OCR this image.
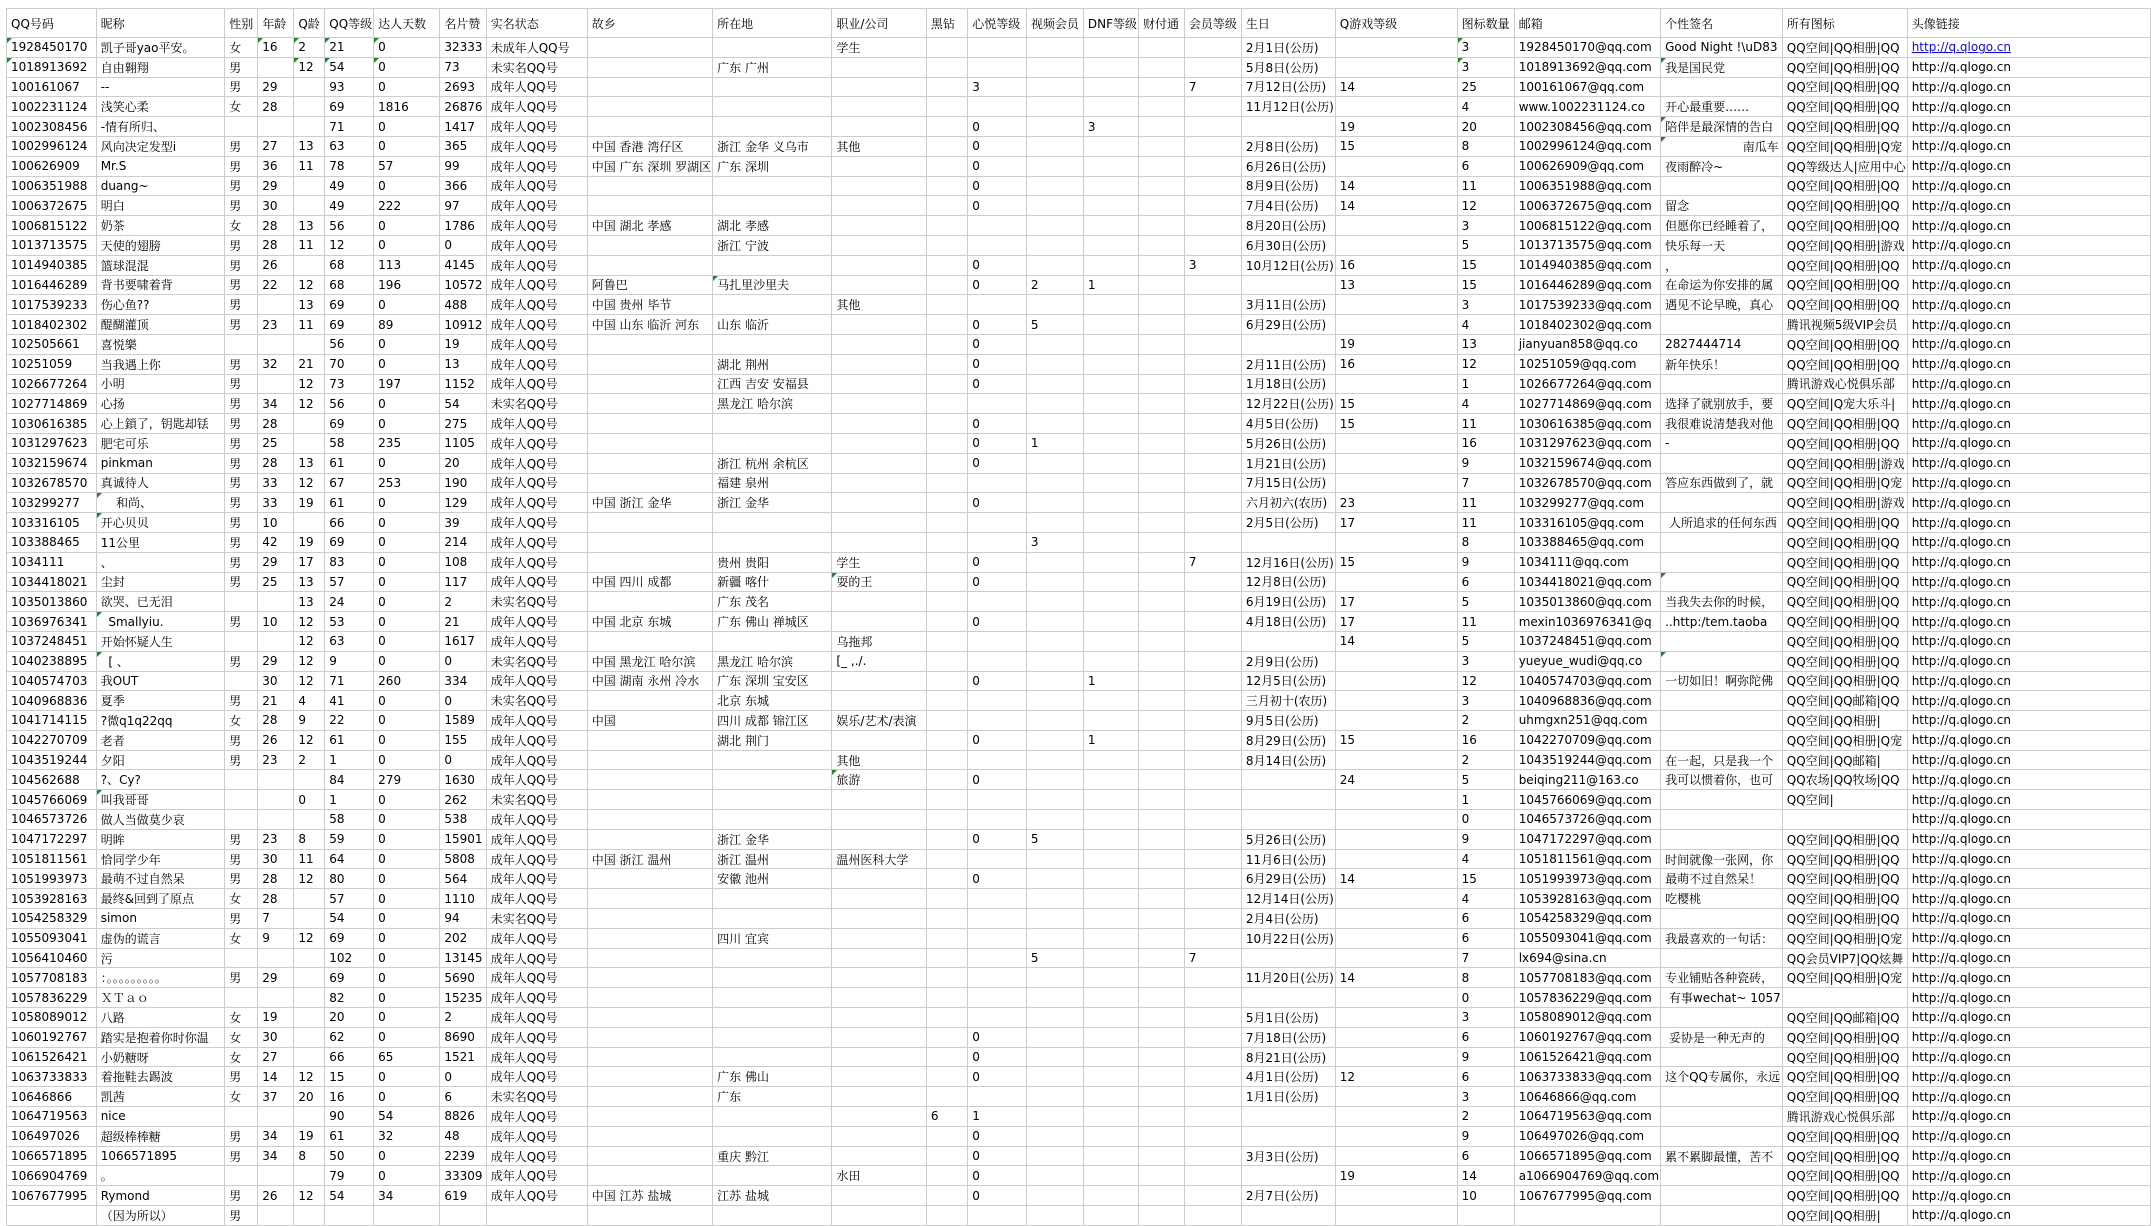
QQ号码	昵称	性别	年龄	Q龄	QQ等级	达人天数	名片赞	实名状态	故乡	所在地	职业/公司	黑钻	心悦等级	视频会员	DNF等级	财付通	会员等级	生日	Q游戏等级	图标数量	邮箱	个性签名	所有图标	头像链接
1928450170	凯子哥yao平安。	女	16	2	21	0	32333	未成年人QQ号			学生							2月1日(公历)		3	1928450170@qq.com	Good Night !\uD83	QQ空间|QQ相册|QQ	http://q.qlogo.cn
1018913692	自由翱翔	男		12	54	0	73	未实名QQ号		广东 广州								5月8日(公历)		3	1018913692@qq.com	我是国民党	QQ空间|QQ相册|QQ	http://q.qlogo.cn
100161067	--	男	29		93	0	2693	成年人QQ号					3				7	7月12日(公历)	14	25	100161067@qq.com		QQ空间|QQ相册|QQ	http://q.qlogo.cn
1002231124	浅笑心柔	女	28		69	1816	26876	成年人QQ号										11月12日(公历)		4	www.1002231124.co	开心最重要……	QQ空间|QQ相册|QQ	http://q.qlogo.cn
1002308456	-情有所归、				71	0	1417	成年人QQ号					0		3				19	20	1002308456@qq.com	陪伴是最深情的告白	QQ空间|QQ相册|QQ	http://q.qlogo.cn
1002996124	风向决定发型i	男	27	13	63	0	365	成年人QQ号	中国 香港 湾仔区	浙江 金华 义乌市	其他		0					2月8日(公历)	15	8	1002996124@qq.com	南瓜车	QQ空间|QQ相册|Q宠	http://q.qlogo.cn
100626909	Mr.S	男	36	11	78	57	99	成年人QQ号	中国 广东 深圳 罗湖区	广东 深圳			0					6月26日(公历)		6	100626909@qq.com	夜雨醉冷~	QQ等级达人|应用中心	http://q.qlogo.cn
1006351988	duang~	男	29		49	0	366	成年人QQ号					0					8月9日(公历)	14	11	1006351988@qq.com		QQ空间|QQ相册|QQ	http://q.qlogo.cn
1006372675	明白	男	30		49	222	97	成年人QQ号					0					7月4日(公历)	14	12	1006372675@qq.com	留念	QQ空间|QQ相册|QQ	http://q.qlogo.cn
1006815122	奶茶	女	28	13	56	0	1786	成年人QQ号	中国 湖北 孝感	湖北 孝感								8月20日(公历)		3	1006815122@qq.com	但愿你已经睡着了，	QQ空间|QQ相册|QQ	http://q.qlogo.cn
1013713575	天使的翅膀	男	28	11	12	0	0	成年人QQ号		浙江 宁波								6月30日(公历)		5	1013713575@qq.com	快乐每一天	QQ空间|QQ相册|游戏	http://q.qlogo.cn
1014940385	篮球混混	男	26		68	113	4145	成年人QQ号					0				3	10月12日(公历)	16	15	1014940385@qq.com	，	QQ空间|QQ相册|QQ	http://q.qlogo.cn
1016446289	背书要啸着背	男	22	12	68	196	10572	成年人QQ号	阿鲁巴	马扎里沙里夫			0	2	1				13	15	1016446289@qq.com	在命运为你安排的属	QQ空间|QQ相册|QQ	http://q.qlogo.cn
1017539233	伤心鱼??	男		13	69	0	488	成年人QQ号	中国 贵州 毕节		其他							3月11日(公历)		3	1017539233@qq.com	遇见不论早晚，真心	QQ空间|QQ相册|QQ	http://q.qlogo.cn
1018402302	醍醐灌顶	男	23	11	69	89	10912	成年人QQ号	中国 山东 临沂 河东	山东 临沂			0	5				6月29日(公历)		4	1018402302@qq.com		腾讯视频5级VIP会员	http://q.qlogo.cn
102505661	喜悦樂				56	0	19	成年人QQ号					0						19	13	jianyuan858@qq.co	2827444714	QQ空间|QQ相册|QQ	http://q.qlogo.cn
10251059	当我遇上你	男	32	21	70	0	13	成年人QQ号		湖北 荆州			0					2月11日(公历)	16	12	10251059@qq.com	新年快乐！	QQ空间|QQ相册|QQ	http://q.qlogo.cn
1026677264	小明	男		12	73	197	1152	成年人QQ号		江西 吉安 安福县			0					1月18日(公历)		1	1026677264@qq.com		腾讯游戏心悦俱乐部	http://q.qlogo.cn
1027714869	心扬	男	34	12	56	0	54	未实名QQ号		黑龙江 哈尔滨								12月22日(公历)	15	4	1027714869@qq.com	选择了就别放手，要	QQ空间|Q宠大乐斗|	http://q.qlogo.cn
1030616385	心上鎖了，钥匙却铥	男	28		69	0	275	成年人QQ号					0					4月5日(公历)	15	11	1030616385@qq.com	我很难说清楚我对他	QQ空间|QQ相册|QQ	http://q.qlogo.cn
1031297623	肥宅可乐	男	25		58	235	1105	成年人QQ号					0	1				5月26日(公历)		16	1031297623@qq.com	-	QQ空间|QQ相册|QQ	http://q.qlogo.cn
1032159674	pinkman	男	28	13	61	0	20	成年人QQ号		浙江 杭州 余杭区			0					1月21日(公历)		9	1032159674@qq.com		QQ空间|QQ相册|游戏	http://q.qlogo.cn
1032678570	真诚待人	男	33	12	67	253	190	成年人QQ号		福建 泉州								7月15日(公历)		7	1032678570@qq.com	答应东西做到了，就	QQ空间|QQ相册|Q宠	http://q.qlogo.cn
103299277	和尚、	男	33	19	61	0	129	成年人QQ号	中国 浙江 金华	浙江 金华			0					六月初六(农历)	23	11	103299277@qq.com		QQ空间|QQ相册|游戏	http://q.qlogo.cn
103316105	开心贝贝	男	10		66	0	39	成年人QQ号										2月5日(公历)	17	11	103316105@qq.com	人所追求的任何东西	QQ空间|QQ相册|QQ	http://q.qlogo.cn
103388465	11公里	男	42	19	69	0	214	成年人QQ号						3						8	103388465@qq.com		QQ空间|QQ相册|QQ	http://q.qlogo.cn
1034111	、	男	29	17	83	0	108	成年人QQ号		贵州 贵阳	学生		0				7	12月16日(公历)	15	9	1034111@qq.com		QQ空间|QQ相册|QQ	http://q.qlogo.cn
1034418021	尘封	男	25	13	57	0	117	成年人QQ号	中国 四川 成都	新疆 喀什	耍的王		0					12月8日(公历)		6	1034418021@qq.com		QQ空间|QQ相册|QQ	http://q.qlogo.cn
1035013860	欲哭、已无泪			13	24	0	2	未实名QQ号		广东 茂名								6月19日(公历)	17	5	1035013860@qq.com	当我失去你的时候，	QQ空间|QQ相册|QQ	http://q.qlogo.cn
1036976341	Smallyiu.	男	10	12	53	0	21	成年人QQ号	中国 北京 东城	广东 佛山 禅城区			0					4月18日(公历)	17	11	mexin1036976341@q	..http:/tem.taoba	QQ空间|QQ相册|QQ	http://q.qlogo.cn
1037248451	开始怀疑人生			12	63	0	1617	成年人QQ号			乌拖邦								14	5	1037248451@qq.com		QQ空间|QQ相册|QQ	http://q.qlogo.cn
1040238895	[ 、	男	29	12	9	0	0	未实名QQ号	中国 黑龙江 哈尔滨	黑龙江 哈尔滨	[_ ,./.							2月9日(公历)		3	yueyue_wudi@qq.co		QQ空间|QQ相册|QQ	http://q.qlogo.cn
1040574703	我OUT		30	12	71	260	334	成年人QQ号	中国 湖南 永州 冷水	广东 深圳 宝安区			0		1			12月5日(公历)		12	1040574703@qq.com	一切如旧！啊弥陀佛	QQ空间|QQ相册|QQ	http://q.qlogo.cn
1040968836	夏季	男	21	4	41	0	0	未实名QQ号		北京 东城								三月初十(农历)		3	1040968836@qq.com		QQ空间|QQ邮箱|QQ	http://q.qlogo.cn
1041714115	?微q1q22qq	女	28	9	22	0	1589	成年人QQ号	中国	四川 成都 锦江区	娱乐/艺术/表演							9月5日(公历)		2	uhmgxn251@qq.com		QQ空间|QQ相册|	http://q.qlogo.cn
1042270709	老者	男	26	12	61	0	155	成年人QQ号		湖北 荆门			0		1			8月29日(公历)	15	16	1042270709@qq.com		QQ空间|QQ相册|Q宠	http://q.qlogo.cn
1043519244	夕阳	男	23	2	1	0	0	成年人QQ号			其他							8月14日(公历)		2	1043519244@qq.com	在一起，只是我一个	QQ空间|QQ邮箱|	http://q.qlogo.cn
104562688	?、Cy?				84	279	1630	成年人QQ号			旅游		0						24	5	beiqing211@163.co	我可以惯着你，也可	QQ农场|QQ牧场|QQ	http://q.qlogo.cn
1045766069	叫我哥哥			0	1	0	262	未实名QQ号												1	1045766069@qq.com		QQ空间|	http://q.qlogo.cn
1046573726	做人当做莫少哀				58	0	538	成年人QQ号												0	1046573726@qq.com			http://q.qlogo.cn
1047172297	明眸	男	23	8	59	0	15901	成年人QQ号		浙江 金华			0	5				5月26日(公历)		9	1047172297@qq.com		QQ空间|QQ相册|QQ	http://q.qlogo.cn
1051811561	恰同学少年	男	30	11	64	0	5808	成年人QQ号	中国 浙江 温州	浙江 温州	温州医科大学							11月6日(公历)		4	1051811561@qq.com	时间就像一张网，你	QQ空间|QQ相册|QQ	http://q.qlogo.cn
1051993973	最萌不过自然呆	男	28	12	80	0	564	成年人QQ号		安徽 池州			0					6月29日(公历)	14	15	1051993973@qq.com	最萌不过自然呆！	QQ空间|QQ相册|QQ	http://q.qlogo.cn
1053928163	最终&回到了原点	女	28		57	0	1110	成年人QQ号										12月14日(公历)		4	1053928163@qq.com	吃樱桃	QQ空间|QQ相册|QQ	http://q.qlogo.cn
1054258329	simon	男	7		54	0	94	未实名QQ号										2月4日(公历)		6	1054258329@qq.com		QQ空间|QQ相册|QQ	http://q.qlogo.cn
1055093041	虚伪的谎言	女	9	12	69	0	202	成年人QQ号		四川 宜宾								10月22日(公历)		6	1055093041@qq.com	我最喜欢的一句话：	QQ空间|QQ相册|Q宠	http://q.qlogo.cn
1056410460	污				102	0	13145	成年人QQ号						5			7			7	lx694@sina.cn		QQ会员VIP7|QQ炫舞	http://q.qlogo.cn
1057708183	：。。。。。。。。。	男	29		69	0	5690	成年人QQ号										11月20日(公历)	14	8	1057708183@qq.com	专业铺贴各种瓷砖，	QQ空间|QQ相册|Q宠	http://q.qlogo.cn
1057836229	ＸＴａｏ				82	0	15235	成年人QQ号												0	1057836229@qq.com	有事wechat~ 1057		http://q.qlogo.cn
1058089012	八路	女	19		20	0	2	成年人QQ号										5月1日(公历)		3	1058089012@qq.com		QQ空间|QQ邮箱|QQ	http://q.qlogo.cn
1060192767	踏实是抱着你时你温	女	30		62	0	8690	成年人QQ号					0					7月18日(公历)		6	1060192767@qq.com	妥协是一种无声的	QQ空间|QQ相册|QQ	http://q.qlogo.cn
1061526421	小奶糖呀	女	27		66	65	1521	成年人QQ号					0					8月21日(公历)		9	1061526421@qq.com		QQ空间|QQ相册|QQ	http://q.qlogo.cn
1063733833	着拖鞋去踢波	男	14	12	15	0	0	成年人QQ号		广东 佛山			0					4月1日(公历)	12	6	1063733833@qq.com	这个QQ专属你，永远	QQ空间|QQ相册|QQ	http://q.qlogo.cn
10646866	凯茜	女	37	20	16	0	6	未实名QQ号		广东								1月1日(公历)		3	10646866@qq.com		QQ空间|QQ相册|QQ	http://q.qlogo.cn
1064719563	nice				90	54	8826	成年人QQ号				6	1							2	1064719563@qq.com		腾讯游戏心悦俱乐部	http://q.qlogo.cn
106497026	超级棒棒糖	男	34	19	61	32	48	成年人QQ号					0							9	106497026@qq.com		QQ空间|QQ相册|QQ	http://q.qlogo.cn
1066571895	1066571895	男	34	8	50	0	2239	成年人QQ号		重庆 黔江			0					3月3日(公历)		6	1066571895@qq.com	累不累脚最懂，苦不	QQ空间|QQ相册|QQ	http://q.qlogo.cn
1066904769	。				79	0	33309	成年人QQ号			水田		0						19	14	a1066904769@qq.com		QQ空间|QQ相册|QQ	http://q.qlogo.cn
1067677995	Rymond	男	26	12	54	34	619	成年人QQ号	中国 江苏 盐城	江苏 盐城			0					2月7日(公历)		10	1067677995@qq.com		QQ空间|QQ相册|QQ	http://q.qlogo.cn
	（因为所以）	男																					QQ空间|QQ相册|	http://q.qlogo.cn
